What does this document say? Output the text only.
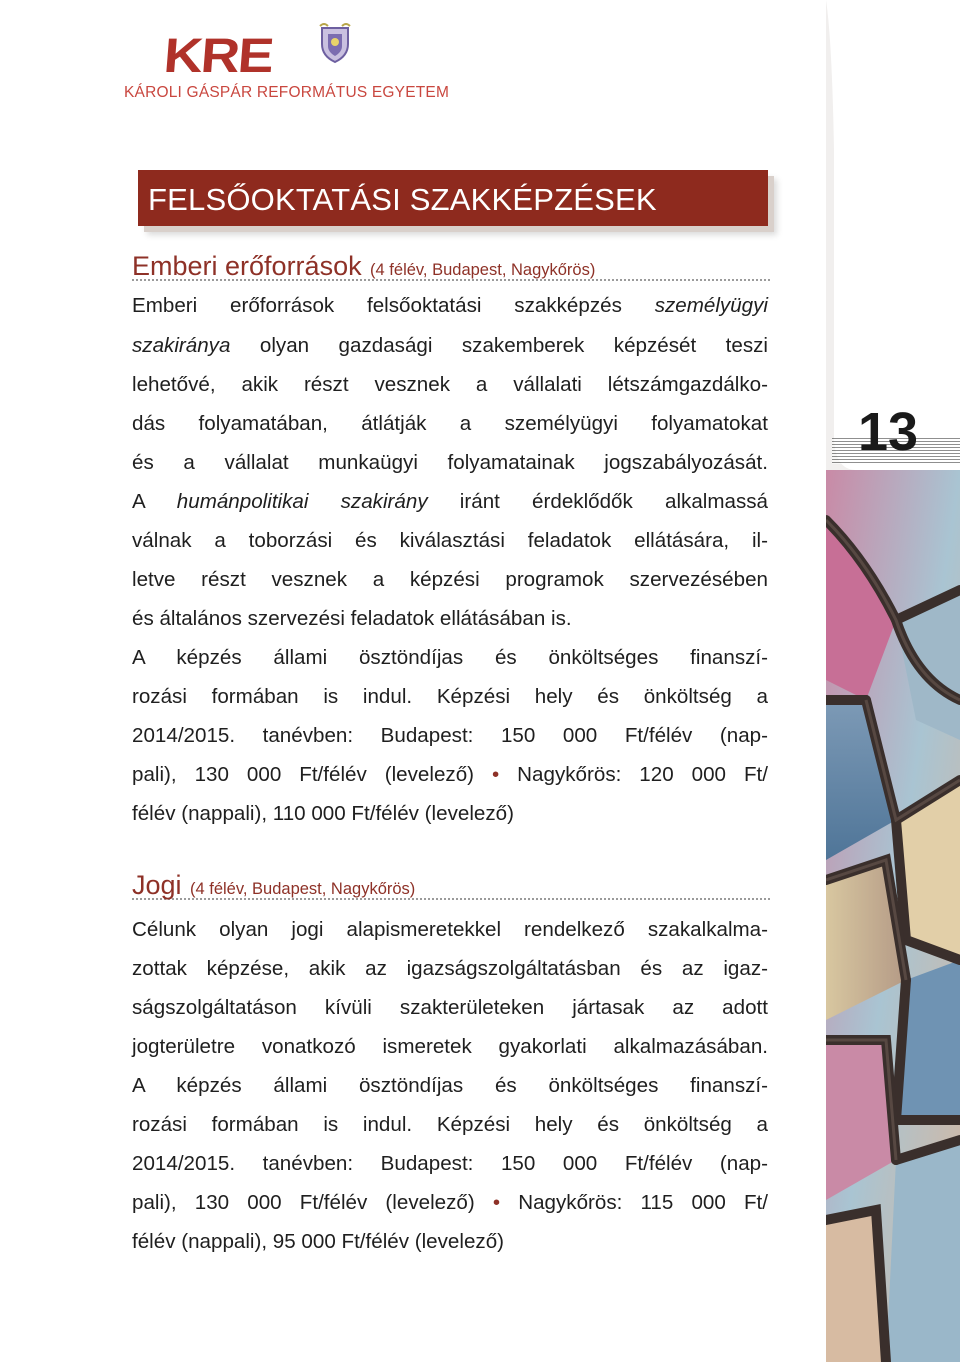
KRE
KÁROLI GÁSPÁR REFORMÁTUS EGYETEM
FELSŐOKTATÁSI SZAKKÉPZÉSEK
Emberi erőforrások (4 félév, Budapest, Nagykőrös)
Emberi erőforrások felsőoktatási szakképzés személyügyi
szakiránya olyan gazdasági szakemberek képzését teszi
lehetővé, akik részt vesznek a vállalati létszámgazdálko-
dás folyamatában, átlátják a személyügyi folyamatokat
és a vállalat munkaügyi folyamatainak jogszabályozását.
A humánpolitikai szakirány iránt érdeklődők alkalmassá
válnak a toborzási és kiválasztási feladatok ellátására, il-
letve részt vesznek a képzési programok szervezésében
és általános szervezési feladatok ellátásában is.
A képzés állami ösztöndíjas és önköltséges finanszí-
rozási formában is indul. Képzési hely és önköltség a
2014/2015. tanévben: Budapest: 150 000 Ft/félév (nap-
pali), 130 000 Ft/félév (levelező) • Nagykőrös: 120 000 Ft/
félév (nappali), 110 000 Ft/félév (levelező)
Jogi (4 félév, Budapest, Nagykőrös)
Célunk olyan jogi alapismeretekkel rendelkező szakalkalma-
zottak képzése, akik az igazságszolgáltatásban és az igaz-
ságszolgáltatáson kívüli szakterületeken jártasak az adott
jogterületre vonatkozó ismeretek gyakorlati alkalmazásában.
A képzés állami ösztöndíjas és önköltséges finanszí-
rozási formában is indul. Képzési hely és önköltség a
2014/2015. tanévben: Budapest: 150 000 Ft/félév (nap-
pali), 130 000 Ft/félév (levelező) • Nagykőrös: 115 000 Ft/
félév (nappali), 95 000 Ft/félév (levelező)
13
